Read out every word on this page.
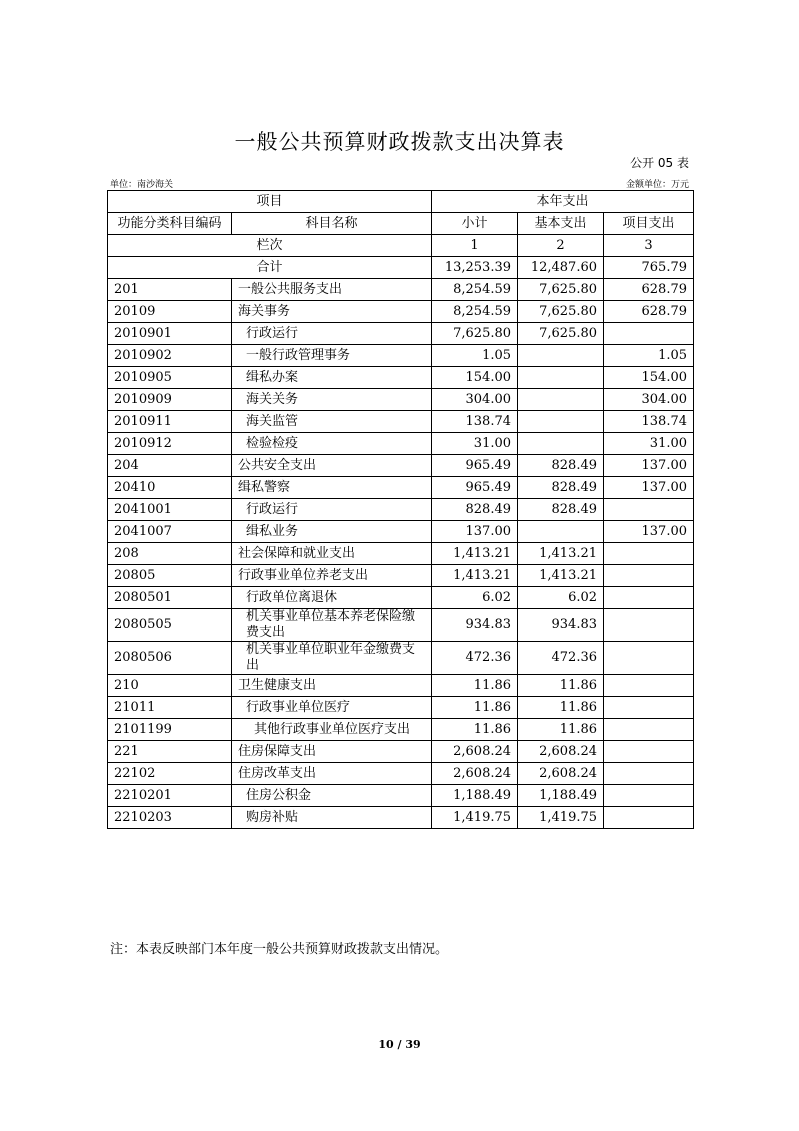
一般公共预算财政拨款支出决算表
公开 05 表
单位：南沙海关	金额单位：万元
项目		本年支出		
功能分类科目编码	科目名称	小计	基本支出	项目支出
栏次		1	2	3
合计		13,253.39	12,487.60	765.79
201	一般公共服务支出	8,254.59	7,625.80	628.79
20109	海关事务	8,254.59	7,625.80	628.79
2010901	行政运行	7,625.80	7,625.80	
2010902	一般行政管理事务	1.05		1.05
2010905	缉私办案	154.00		154.00
2010909	海关关务	304.00		304.00
2010911	海关监管	138.74		138.74
2010912	检验检疫	31.00		31.00
204	公共安全支出	965.49	828.49	137.00
20410	缉私警察	965.49	828.49	137.00
2041001	行政运行	828.49	828.49	
2041007	缉私业务	137.00		137.00
208	社会保障和就业支出	1,413.21	1,413.21	
20805	行政事业单位养老支出	1,413.21	1,413.21	
2080501	行政单位离退休	6.02	6.02	
2080505	机关事业单位基本养老保险缴费支出	934.83	934.83	
2080506	机关事业单位职业年金缴费支出	472.36	472.36	
210	卫生健康支出	11.86	11.86	
21011	行政事业单位医疗	11.86	11.86	
2101199	其他行政事业单位医疗支出	11.86	11.86	
221	住房保障支出	2,608.24	2,608.24	
22102	住房改革支出	2,608.24	2,608.24	
2210201	住房公积金	1,188.49	1,188.49	
2210203	购房补贴	1,419.75	1,419.75	
注：本表反映部门本年度一般公共预算财政拨款支出情况。
10 / 39
